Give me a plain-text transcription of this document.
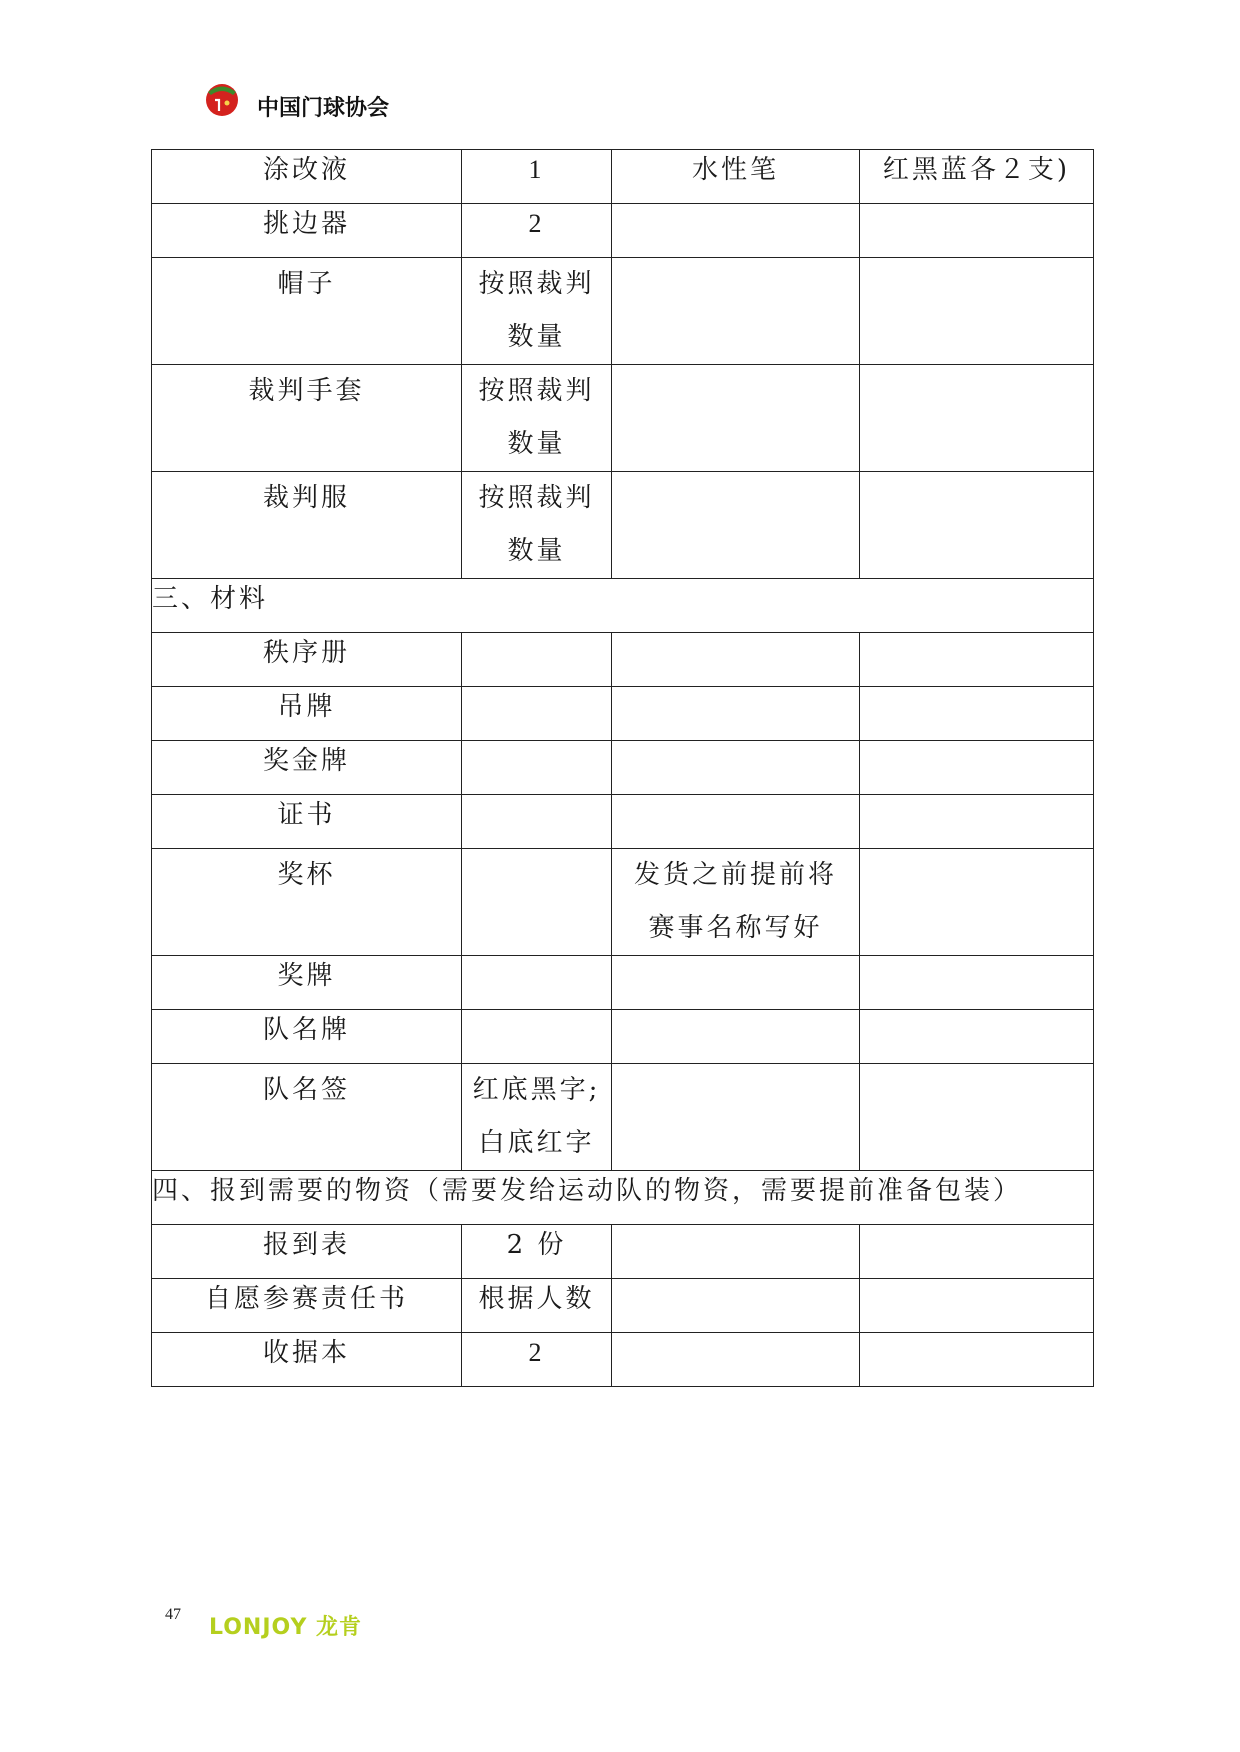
中国门球协会
涂改液	1	水性笔	红黑蓝各２支)
挑边器	2		
帽子	按照裁判
数量		

裁判手套	按照裁判
数量		

裁判服	按照裁判
数量		

三、材料			
秩序册			
吊牌			
奖金牌			
证书			
奖杯		发货之前提前将
赛事名称写好	

奖牌			
队名牌			
队名签	红底黑字;
白底红字		

四、报到需要的物资（需要发给运动队的物资，需要提前准备包装）			
报到表	2 份		
自愿参赛责任书	根据人数		
收据本	2		
47
LONJOY 龙肯
